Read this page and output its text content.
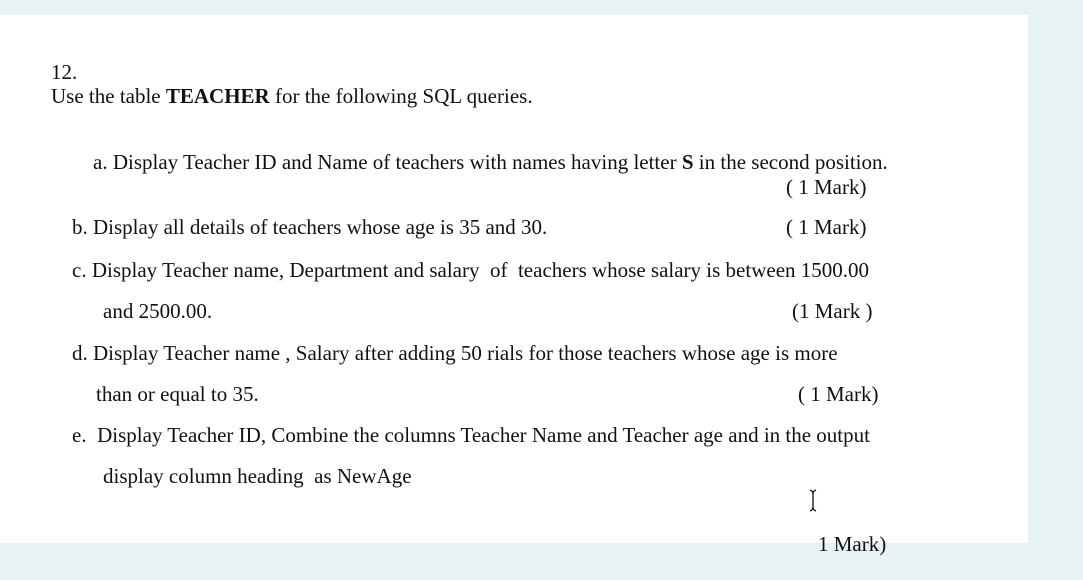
12.
Use the table TEACHER for the following SQL queries.

a. Display Teacher ID and Name of teachers with names having letter S in the second position.

( 1 Mark)
b. Display all details of teachers whose age is 35 and 30.	( 1 Mark)
c. Display Teacher name, Department and salary  of  teachers whose salary is between 1500.00
and 2500.00.	(1 Mark )
d. Display Teacher name , Salary after adding 50 rials for those teachers whose age is more
than or equal to 35.	( 1 Mark)
e.  Display Teacher ID, Combine the columns Teacher Name and Teacher age and in the output
display column heading  as NewAge

1 Mark)
